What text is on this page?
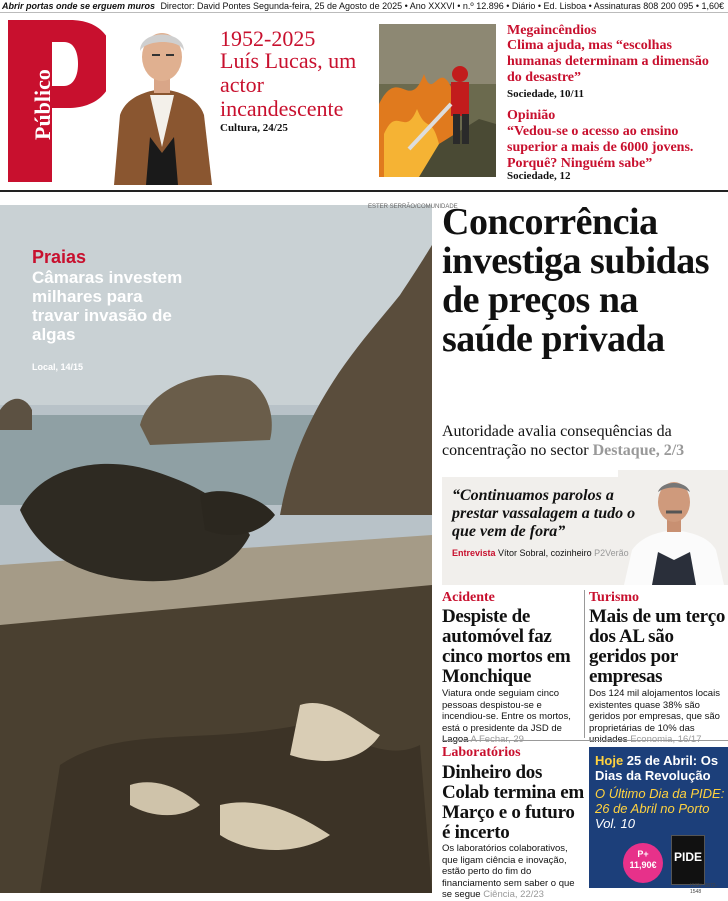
Abrir portas onde se erguem muros Director: David Pontes Segunda-feira, 25 de Agosto de 2025 • Ano XXXVI • n.º 12.896 • Diário • Ed. Lisboa • Assinaturas 808 200 095 • 1,60€
Público
1952-2025
Luís Lucas, um actor incandescente
Cultura, 24/25
Megaincêndios
Clima ajuda, mas “escolhas humanas determinam a dimensão do desastre”
Sociedade, 10/11
Opinião
“Vedou-se o acesso ao ensino superior a mais de 6000 jovens. Porquê? Ninguém sabe”
Sociedade, 12
ESTER SERRÃO/COMUNIDADE
Praias
Câmaras investem milhares para travar invasão de algas
Local, 14/15
Concorrência investiga subidas de preços na saúde privada
Autoridade avalia consequências da concentração no sector Destaque, 2/3
“Continuamos parolos a prestar vassalagem a tudo o que vem de fora”
Entrevista Vítor Sobral, cozinheiro P2Verão
Acidente
Despiste de automóvel faz cinco mortos em Monchique
Viatura onde seguiam cinco pessoas despistou-se e incendiou-se. Entre os mortos, está o presidente da JSD de
Turismo
Mais de um terço dos AL são geridos por empresas
Dos 124 mil alojamentos locais existentes quase 38% são geridos por empresas, que são proprietárias de 10% das
Laboratórios
Dinheiro dos Colab termina em Março e o futuro é incerto
Os laboratórios colaborativos, que ligam ciência e inovação, estão perto do fim do financiamento sem saber o que se segue Ciência, 22/23
Hoje 25 de Abril: Os Dias da Revolução
O Último Dia da PIDE: 26 de Abril no Porto Vol. 10
P+
11,90€
PIDE
ISSN: 0872-1548
